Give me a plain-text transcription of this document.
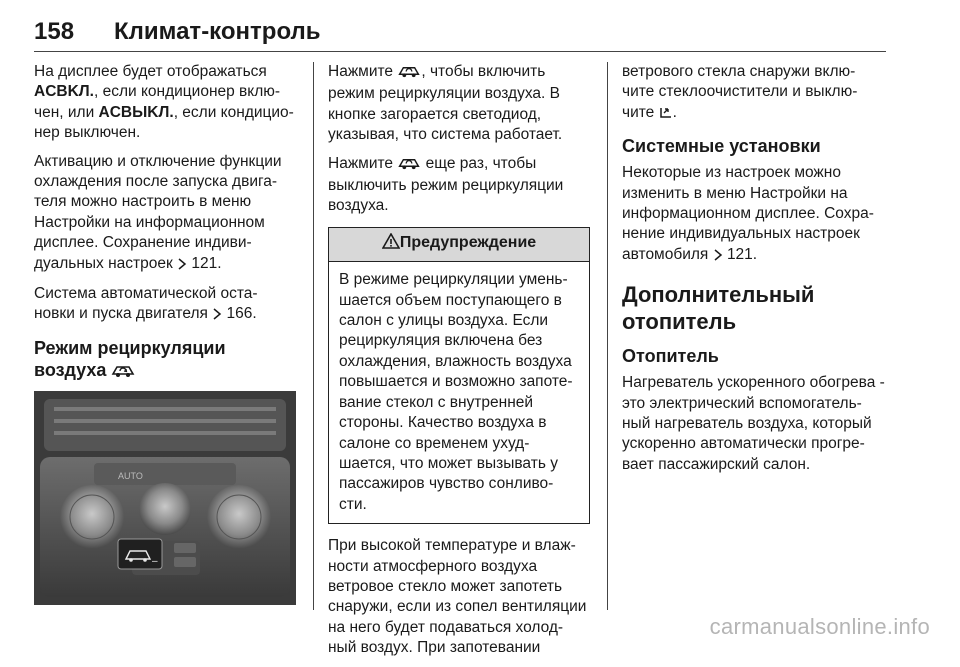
158 Климат-контроль

На дисплее будет отображаться ACBKЛ., если кондиционер вклю-чен, или ACBЫKЛ., если кондицио-нер выключен.

Активацию и отключение функции охлаждения после запуска двига-теля можно настроить в меню Настройки на информационном дисплее. Сохранение индиви-дуальных настроек  121.

Система автоматической оста-новки и пуска двигателя  166.

Режим рециркуляции воздуха
AUTO
–

Нажмите , чтобы включить режим рециркуляции воздуха. В кнопке загорается светодиод, указывая, что система работает.

Нажмите  еще раз, чтобы выключить режим рециркуляции воздуха.

Предупреждение
В режиме рециркуляции умень-шается объем поступающего в салон с улицы воздуха. Если рециркуляция включена без охлаждения, влажность воздуха повышается и возможно запоте-вание стекол с внутренней стороны. Качество воздуха в салоне со временем ухуд-шается, что может вызывать у пассажиров чувство сонливо-сти.

При высокой температуре и влаж-ности атмосферного воздуха ветровое стекло может запотеть снаружи, если из сопел вентиляции на него будет подаваться холод-ный воздух. При запотевании

ветрового стекла снаружи вклю-чите стеклоочистители и выклю-чите .

Системные установки

Некоторые из настроек можно изменить в меню Настройки на информационном дисплее. Сохра-нение индивидуальных настроек автомобиля  121.

Дополнительный отопитель
Отопитель

Нагреватель ускоренного обогрева - это электрический вспомогатель-ный нагреватель воздуха, который ускоренно автоматически прогре-вает пассажирский салон.

carmanualsonline.info
